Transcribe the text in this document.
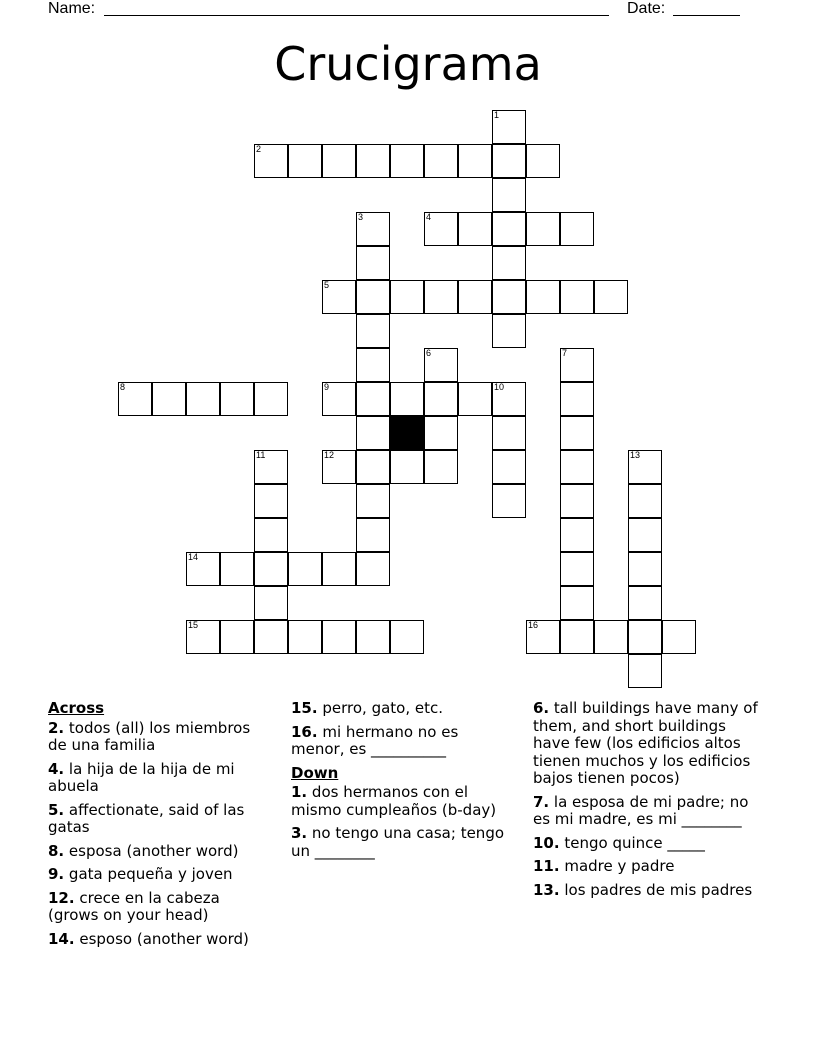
Name:	Date:
Crucigrama
1
2
3	4
5
6	7
8	9	10
11	12	13
14
15	16
Across
2. todos (all) los miembros de una familia
4. la hija de la hija de mi abuela
5. affectionate, said of las gatas
8. esposa (another word)
9. gata pequeña y joven
12. crece en la cabeza (grows on your head)
14. esposo (another word)
15. perro, gato, etc.
16. mi hermano no es menor, es __________
Down
1. dos hermanos con el mismo cumpleaños (b-day)
3. no tengo una casa; tengo un ________
6. tall buildings have many of them, and short buildings have few (los edificios altos tienen muchos y los edificios bajos tienen pocos)
7. la esposa de mi padre; no es mi madre, es mi ________
10. tengo quince _____
11. madre y padre
13. los padres de mis padres
